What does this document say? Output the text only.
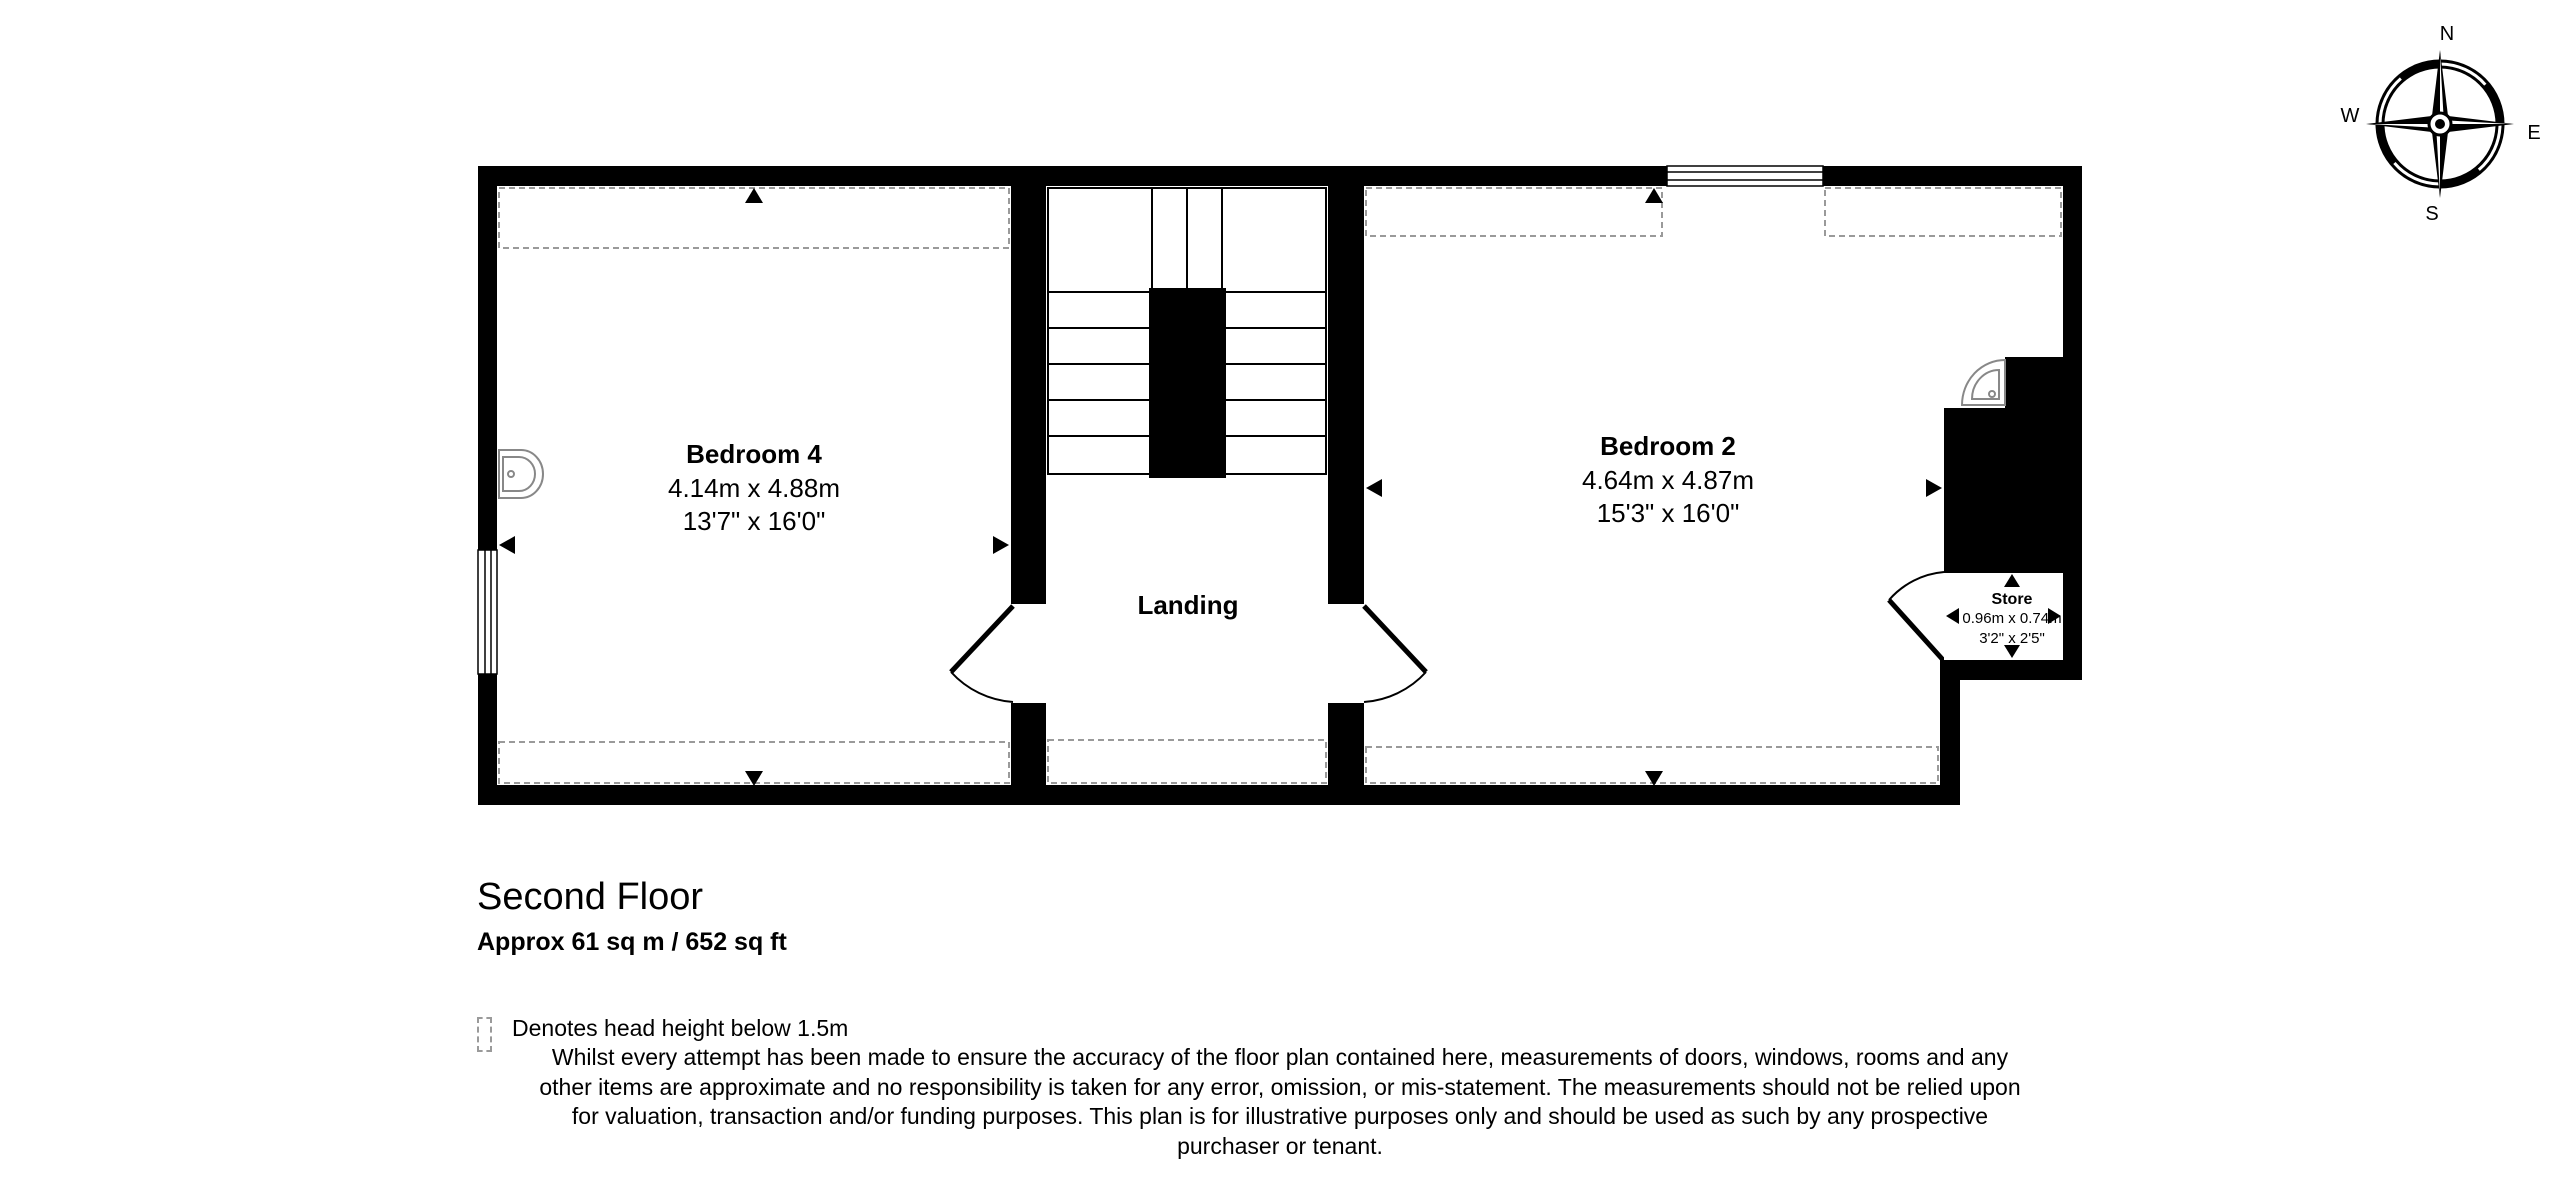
Bedroom 4
4.14m x 4.88m
13'7" x 16'0"
Landing
Bedroom 2
4.64m x 4.87m
15'3" x 16'0"
Store
0.96m x 0.74m
3'2" x 2'5"
N
E
S
W
Second Floor
Approx 61 sq m / 652 sq ft
Denotes head height below 1.5m
Whilst every attempt has been made to ensure the accuracy of the floor plan contained here, measurements of doors, windows, rooms and any other items are approximate and no responsibility is taken for any error, omission, or mis-statement. The measurements should not be relied upon for valuation, transaction and/or funding purposes. This plan is for illustrative purposes only and should be used as such by any prospective purchaser or tenant.
